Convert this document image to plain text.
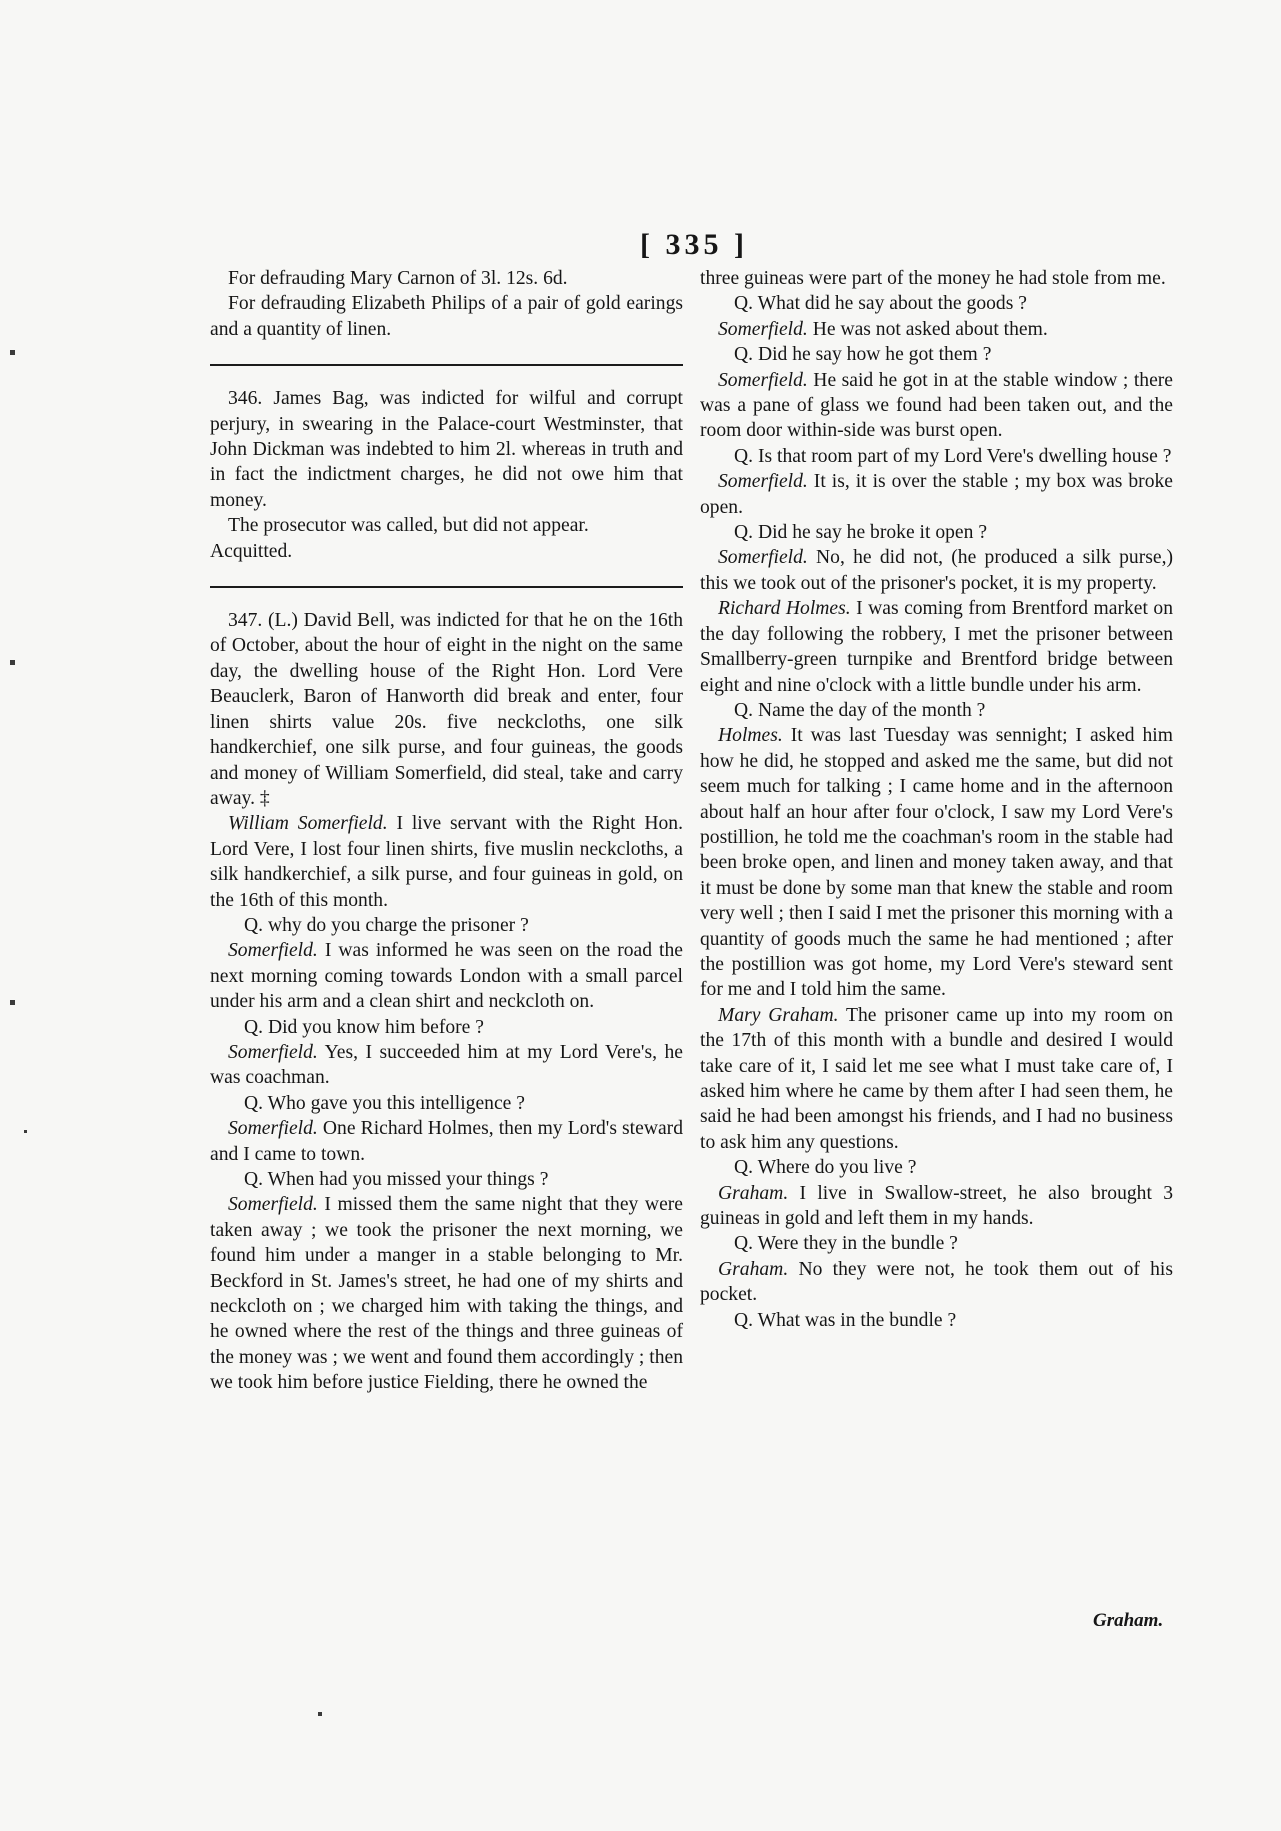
[ 335 ]

For defrauding Mary Carnon of 3l. 12s. 6d.

For defrauding Elizabeth Philips of a pair of gold earings and a quantity of linen.

346. James Bag, was indicted for wilful and corrupt perjury, in swearing in the Palace-court Westminster, that John Dickman was indebted to him 2l. whereas in truth and in fact the indictment charges, he did not owe him that money.

The prosecutor was called, but did not appear.

Acquitted.

347. (L.) David Bell, was indicted for that he on the 16th of October, about the hour of eight in the night on the same day, the dwelling house of the Right Hon. Lord Vere Beauclerk, Baron of Hanworth did break and enter, four linen shirts value 20s. five neckcloths, one silk handkerchief, one silk purse, and four guineas, the goods and money of William Somerfield, did steal, take and carry away. ‡

William Somerfield. I live servant with the Right Hon. Lord Vere, I lost four linen shirts, five muslin neckcloths, a silk handkerchief, a silk purse, and four guineas in gold, on the 16th of this month.

Q. why do you charge the prisoner ?

Somerfield. I was informed he was seen on the road the next morning coming towards London with a small parcel under his arm and a clean shirt and neckcloth on.

Q. Did you know him before ?

Somerfield. Yes, I succeeded him at my Lord Vere's, he was coachman.

Q. Who gave you this intelligence ?

Somerfield. One Richard Holmes, then my Lord's steward and I came to town.

Q. When had you missed your things ?

Somerfield. I missed them the same night that they were taken away ; we took the prisoner the next morning, we found him under a manger in a stable belonging to Mr. Beckford in St. James's street, he had one of my shirts and neckcloth on ; we charged him with taking the things, and he owned where the rest of the things and three guineas of the money was ; we went and found them accordingly ; then we took him before justice Fielding, there he owned the

three guineas were part of the money he had stole from me.

Q. What did he say about the goods ?

Somerfield. He was not asked about them.

Q. Did he say how he got them ?

Somerfield. He said he got in at the stable window ; there was a pane of glass we found had been taken out, and the room door within-side was burst open.

Q. Is that room part of my Lord Vere's dwelling house ?

Somerfield. It is, it is over the stable ; my box was broke open.

Q. Did he say he broke it open ?

Somerfield. No, he did not, (he produced a silk purse,) this we took out of the prisoner's pocket, it is my property.

Richard Holmes. I was coming from Brentford market on the day following the robbery, I met the prisoner between Smallberry-green turnpike and Brentford bridge between eight and nine o'clock with a little bundle under his arm.

Q. Name the day of the month ?

Holmes. It was last Tuesday was sennight; I asked him how he did, he stopped and asked me the same, but did not seem much for talking ; I came home and in the afternoon about half an hour after four o'clock, I saw my Lord Vere's postillion, he told me the coachman's room in the stable had been broke open, and linen and money taken away, and that it must be done by some man that knew the stable and room very well ; then I said I met the prisoner this morning with a quantity of goods much the same he had mentioned ; after the postillion was got home, my Lord Vere's steward sent for me and I told him the same.

Mary Graham. The prisoner came up into my room on the 17th of this month with a bundle and desired I would take care of it, I said let me see what I must take care of, I asked him where he came by them after I had seen them, he said he had been amongst his friends, and I had no business to ask him any questions.

Q. Where do you live ?

Graham. I live in Swallow-street, he also brought 3 guineas in gold and left them in my hands.

Q. Were they in the bundle ?

Graham. No they were not, he took them out of his pocket.

Q. What was in the bundle ?

Graham.
